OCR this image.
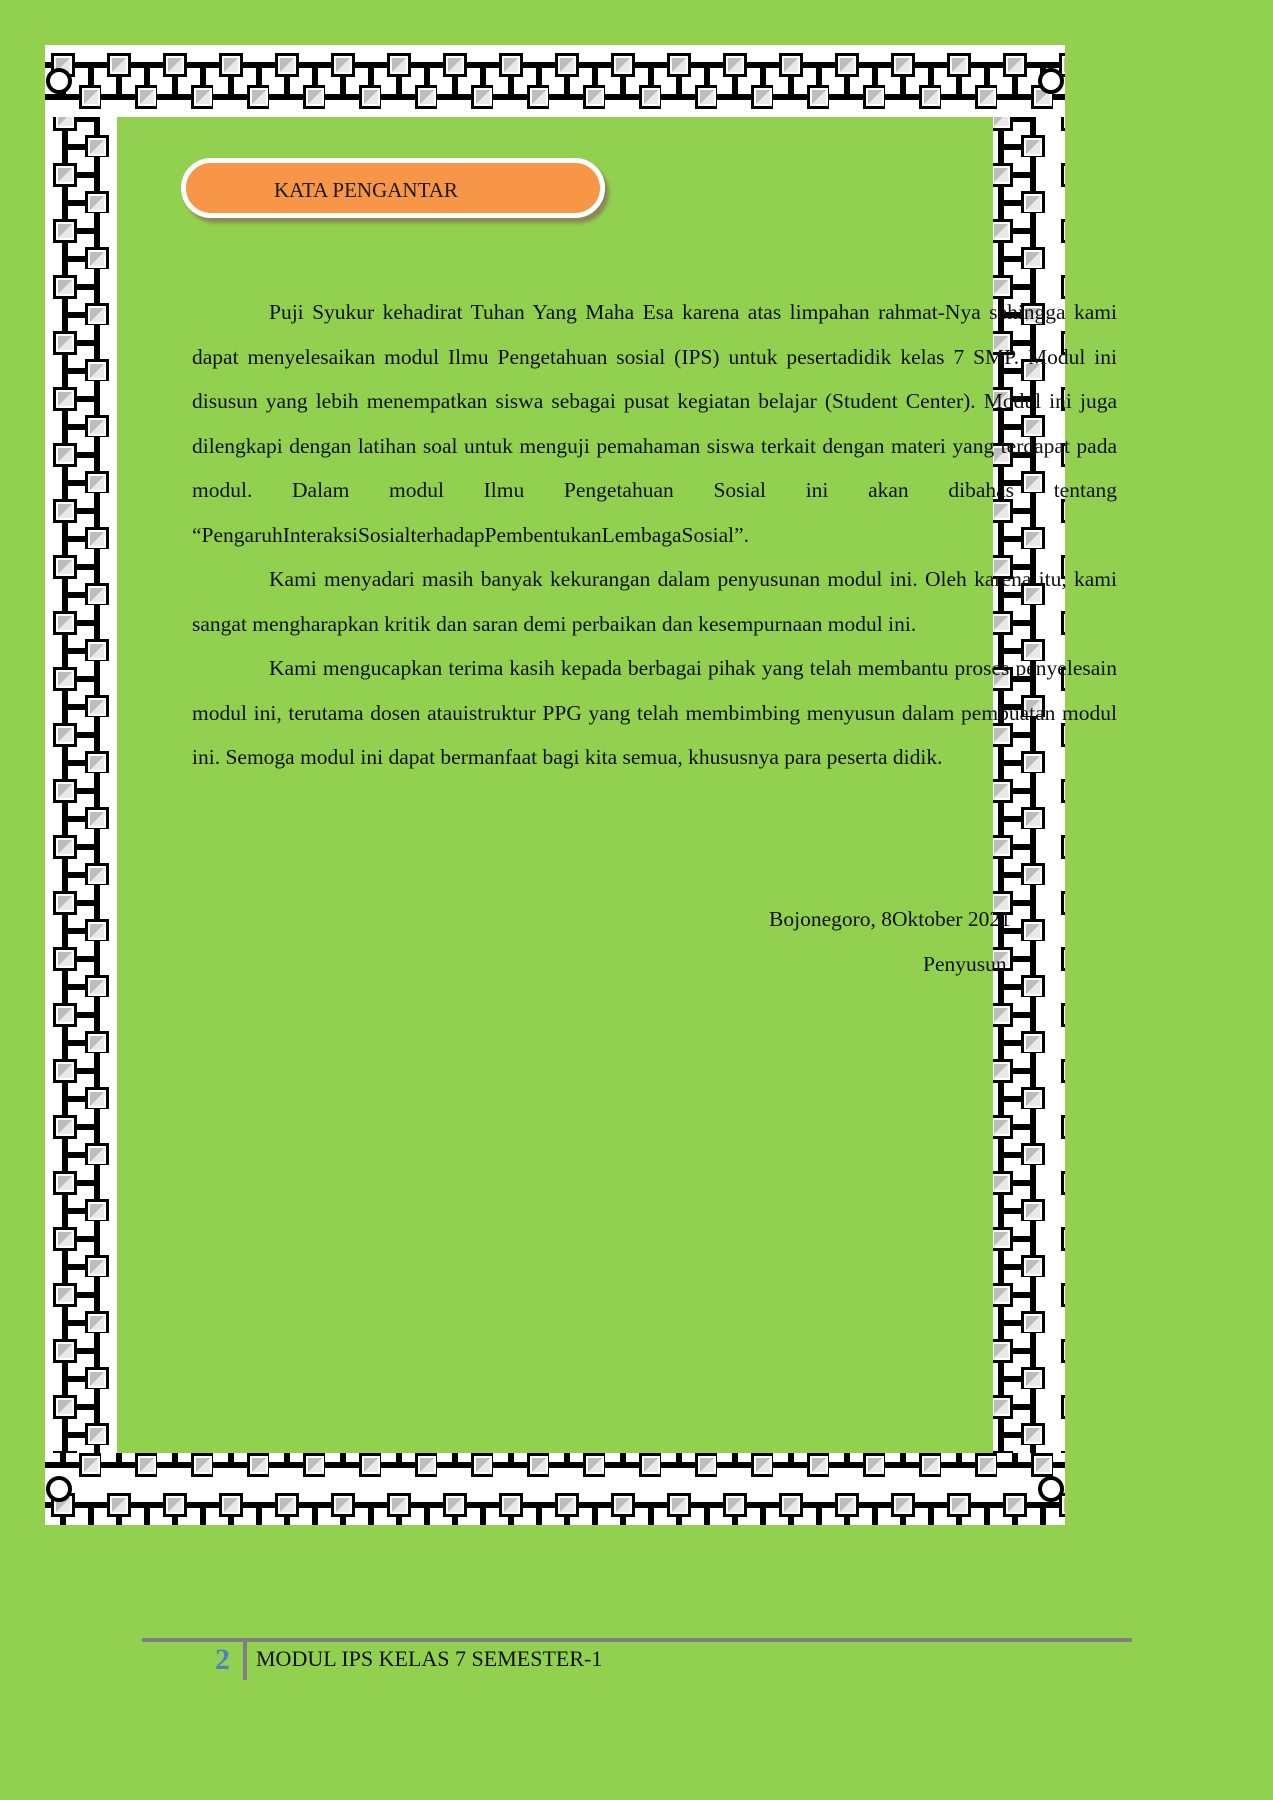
KATA PENGANTAR

Puji Syukur kehadirat Tuhan Yang Maha Esa karena atas limpahan rahmat-Nya sehingga kami dapat menyelesaikan modul Ilmu Pengetahuan sosial (IPS) untuk pesertadidik kelas 7 SMP. Modul ini disusun yang lebih menempatkan siswa sebagai pusat kegiatan belajar (Student Center). Modul ini juga dilengkapi dengan latihan soal untuk menguji pemahaman siswa terkait dengan materi yang terdapat pada modul. Dalam modul Ilmu Pengetahuan Sosial ini akan dibahas tentang

“PengaruhInteraksiSosialterhadapPembentukanLembagaSosial”.

Kami menyadari masih banyak kekurangan dalam penyusunan modul ini. Oleh karena itu, kami sangat mengharapkan kritik dan saran demi perbaikan dan kesempurnaan modul ini.

Kami mengucapkan terima kasih kepada berbagai pihak yang telah membantu proses penyelesain modul ini, terutama dosen atauistruktur PPG yang telah membimbing menyusun dalam pembuatan modul ini. Semoga modul ini dapat bermanfaat bagi kita semua, khususnya para peserta didik.

Bojonegoro, 8Oktober 2021
Penyusun
2 MODUL IPS KELAS 7 SEMESTER-1
